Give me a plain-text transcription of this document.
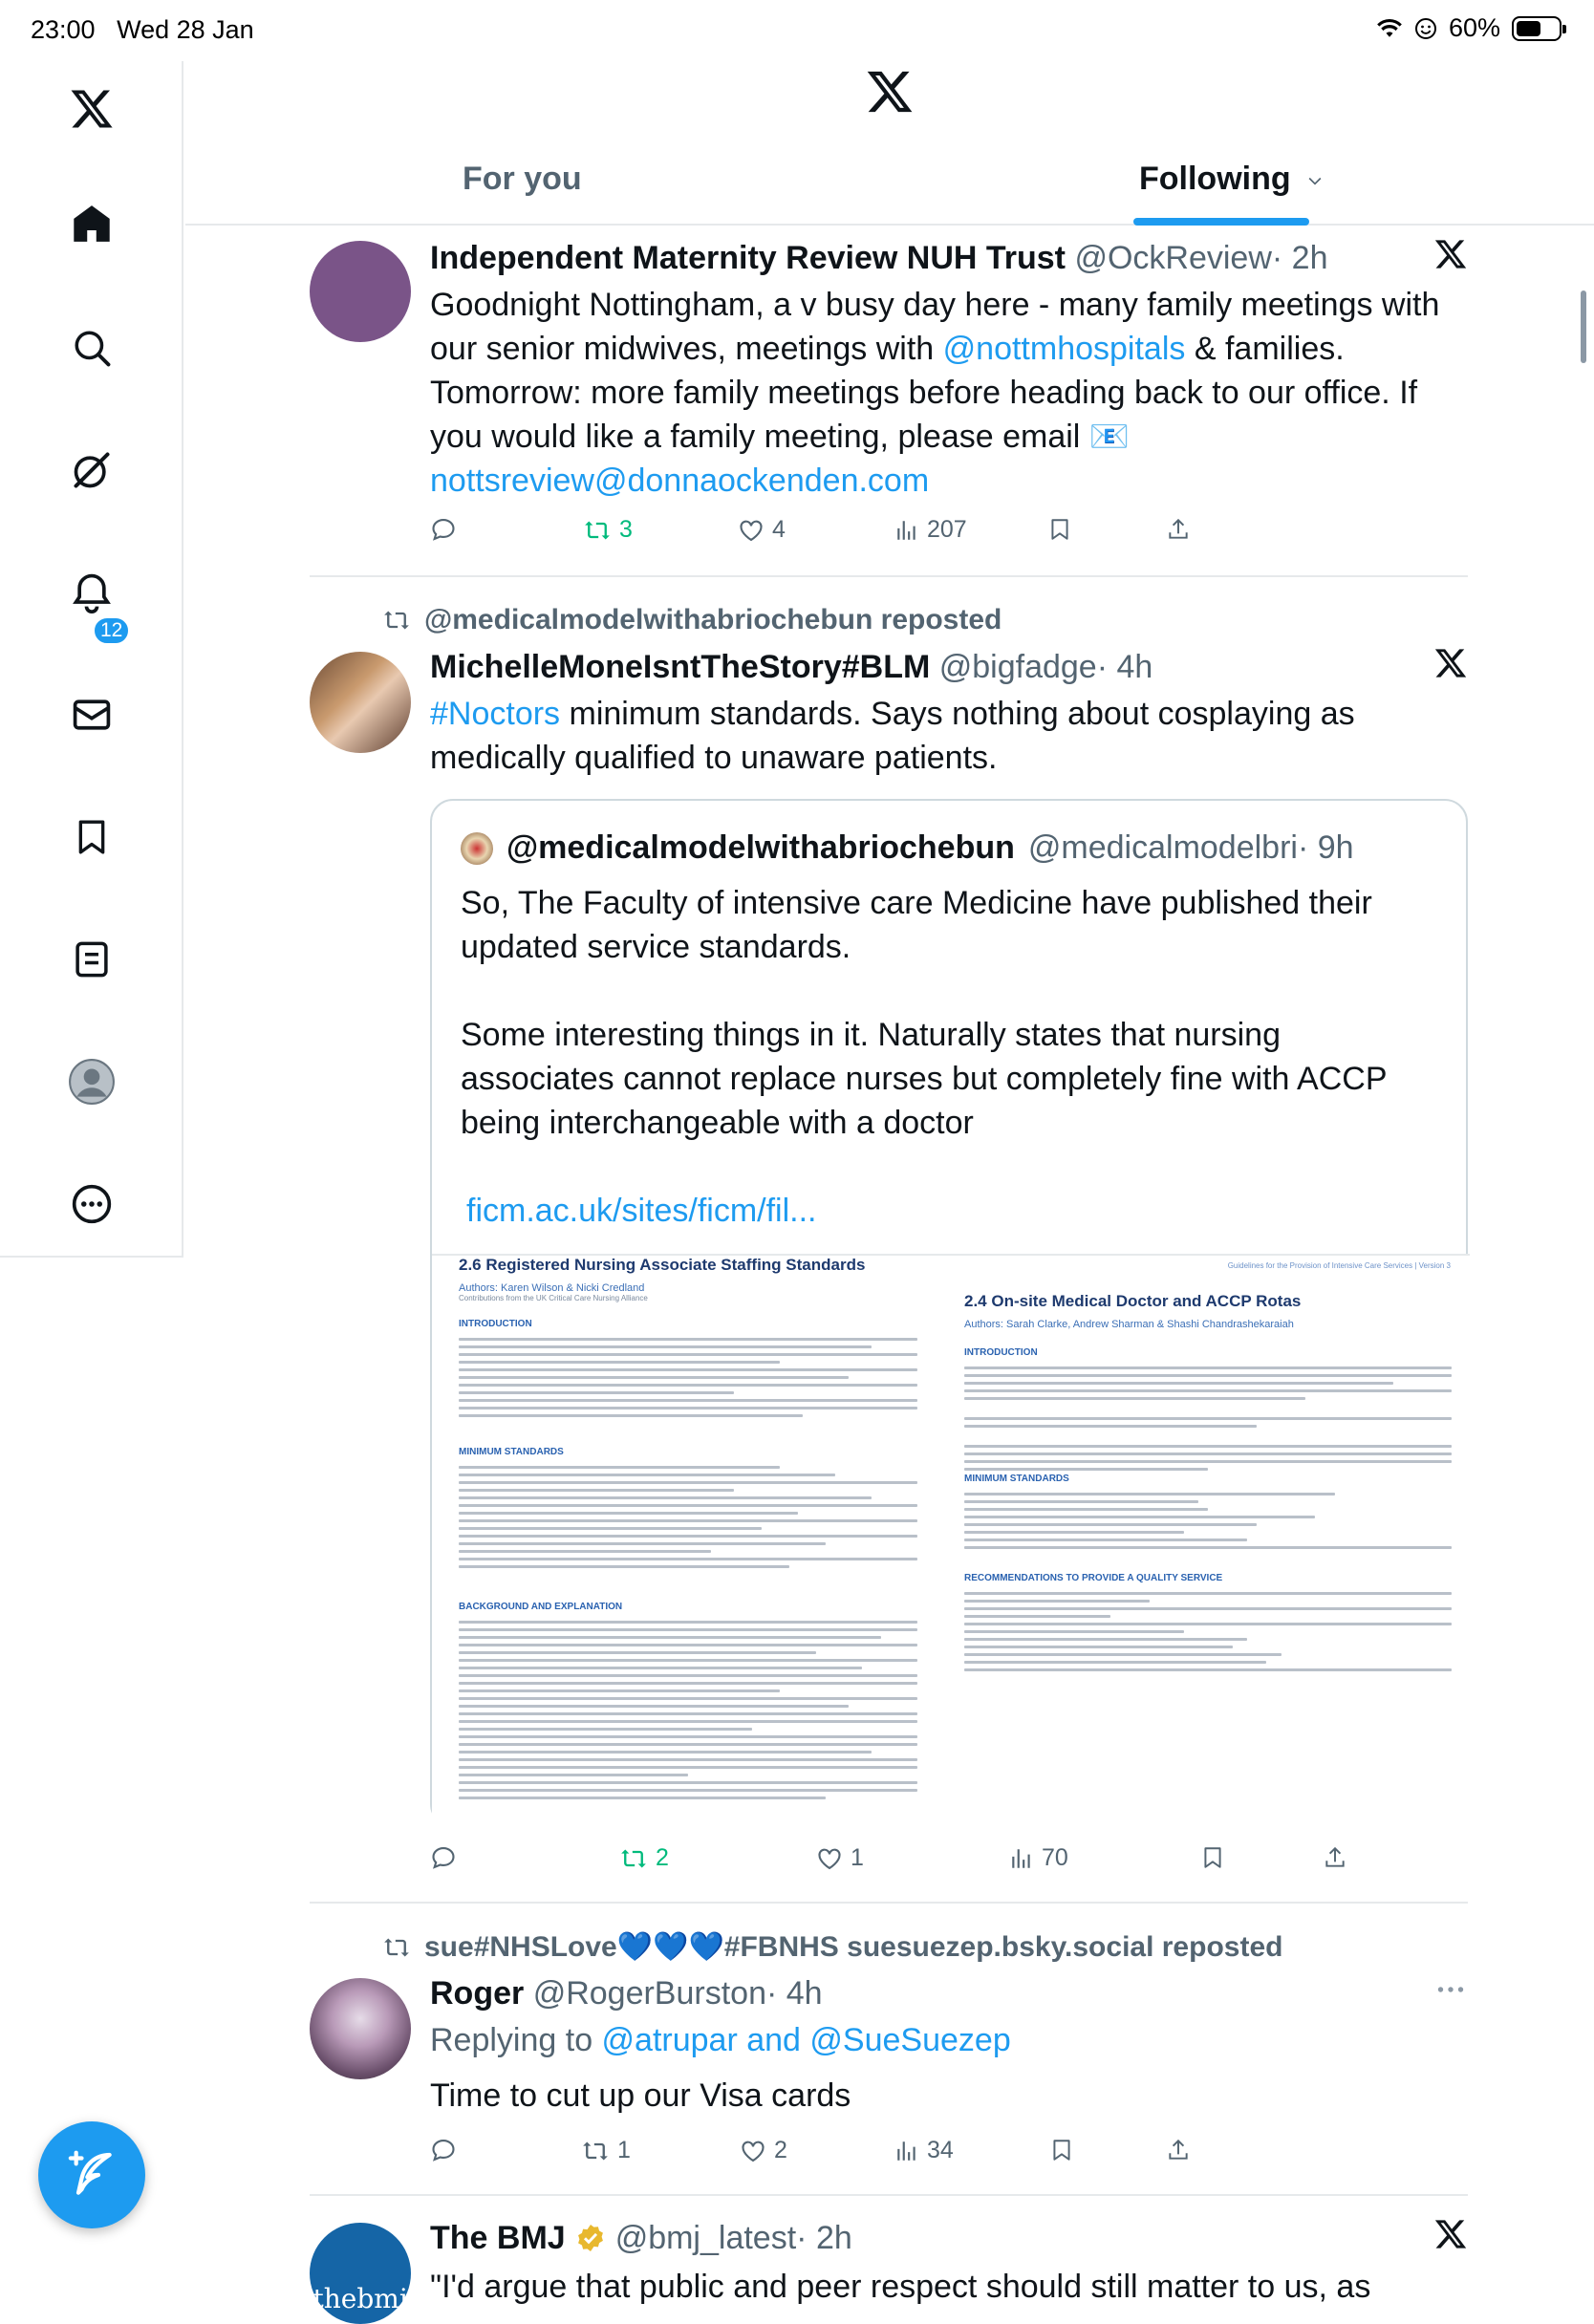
23:00 Wed 28 Jan	60%
12
For you	Following
Independent Maternity Review NUH Trust @OckReview· 2h
Goodnight Nottingham, a v busy day here - many family meetings with our senior midwives, meetings with @nottmhospitals & families. Tomorrow: more family meetings before heading back to our office. If you would like a family meeting, please email 📧
nottsreview@donnaockenden.com
3	4	207
@medicalmodelwithabriochebun reposted
MichelleMoneIsntTheStory#BLM @bigfadge· 4h
#Noctors minimum standards. Says nothing about cosplaying as medically qualified to unaware patients.
@medicalmodelwithabriochebun @medicalmodelbri· 9h
So, The Faculty of intensive care Medicine have published their updated service standards.
Some interesting things in it. Naturally states that nursing associates cannot replace nurses but completely fine with ACCP being interchangeable with a doctor
ficm.ac.uk/sites/ficm/fil...
2.6 Registered Nursing Associate Staffing Standards
Authors: Karen Wilson & Nicki Credland
Contributions from the UK Critical Care Nursing Alliance
INTRODUCTION
MINIMUM STANDARDS
BACKGROUND AND EXPLANATION
Guidelines for the Provision of Intensive Care Services | Version 3
2.4 On-site Medical Doctor and ACCP Rotas
Authors: Sarah Clarke, Andrew Sharman & Shashi Chandrashekaraiah
INTRODUCTION
MINIMUM STANDARDS
RECOMMENDATIONS TO PROVIDE A QUALITY SERVICE
2	1	70
sue#NHSLove💙💙💙#FBNHS suesuezep.bsky.social reposted
Roger @RogerBurston· 4h
Replying to @atrupar and @SueSuezep
Time to cut up our Visa cards
1	2	34
thebmj
The BMJ @bmj_latest· 2h
"I'd argue that public and peer respect should still matter to us, as
